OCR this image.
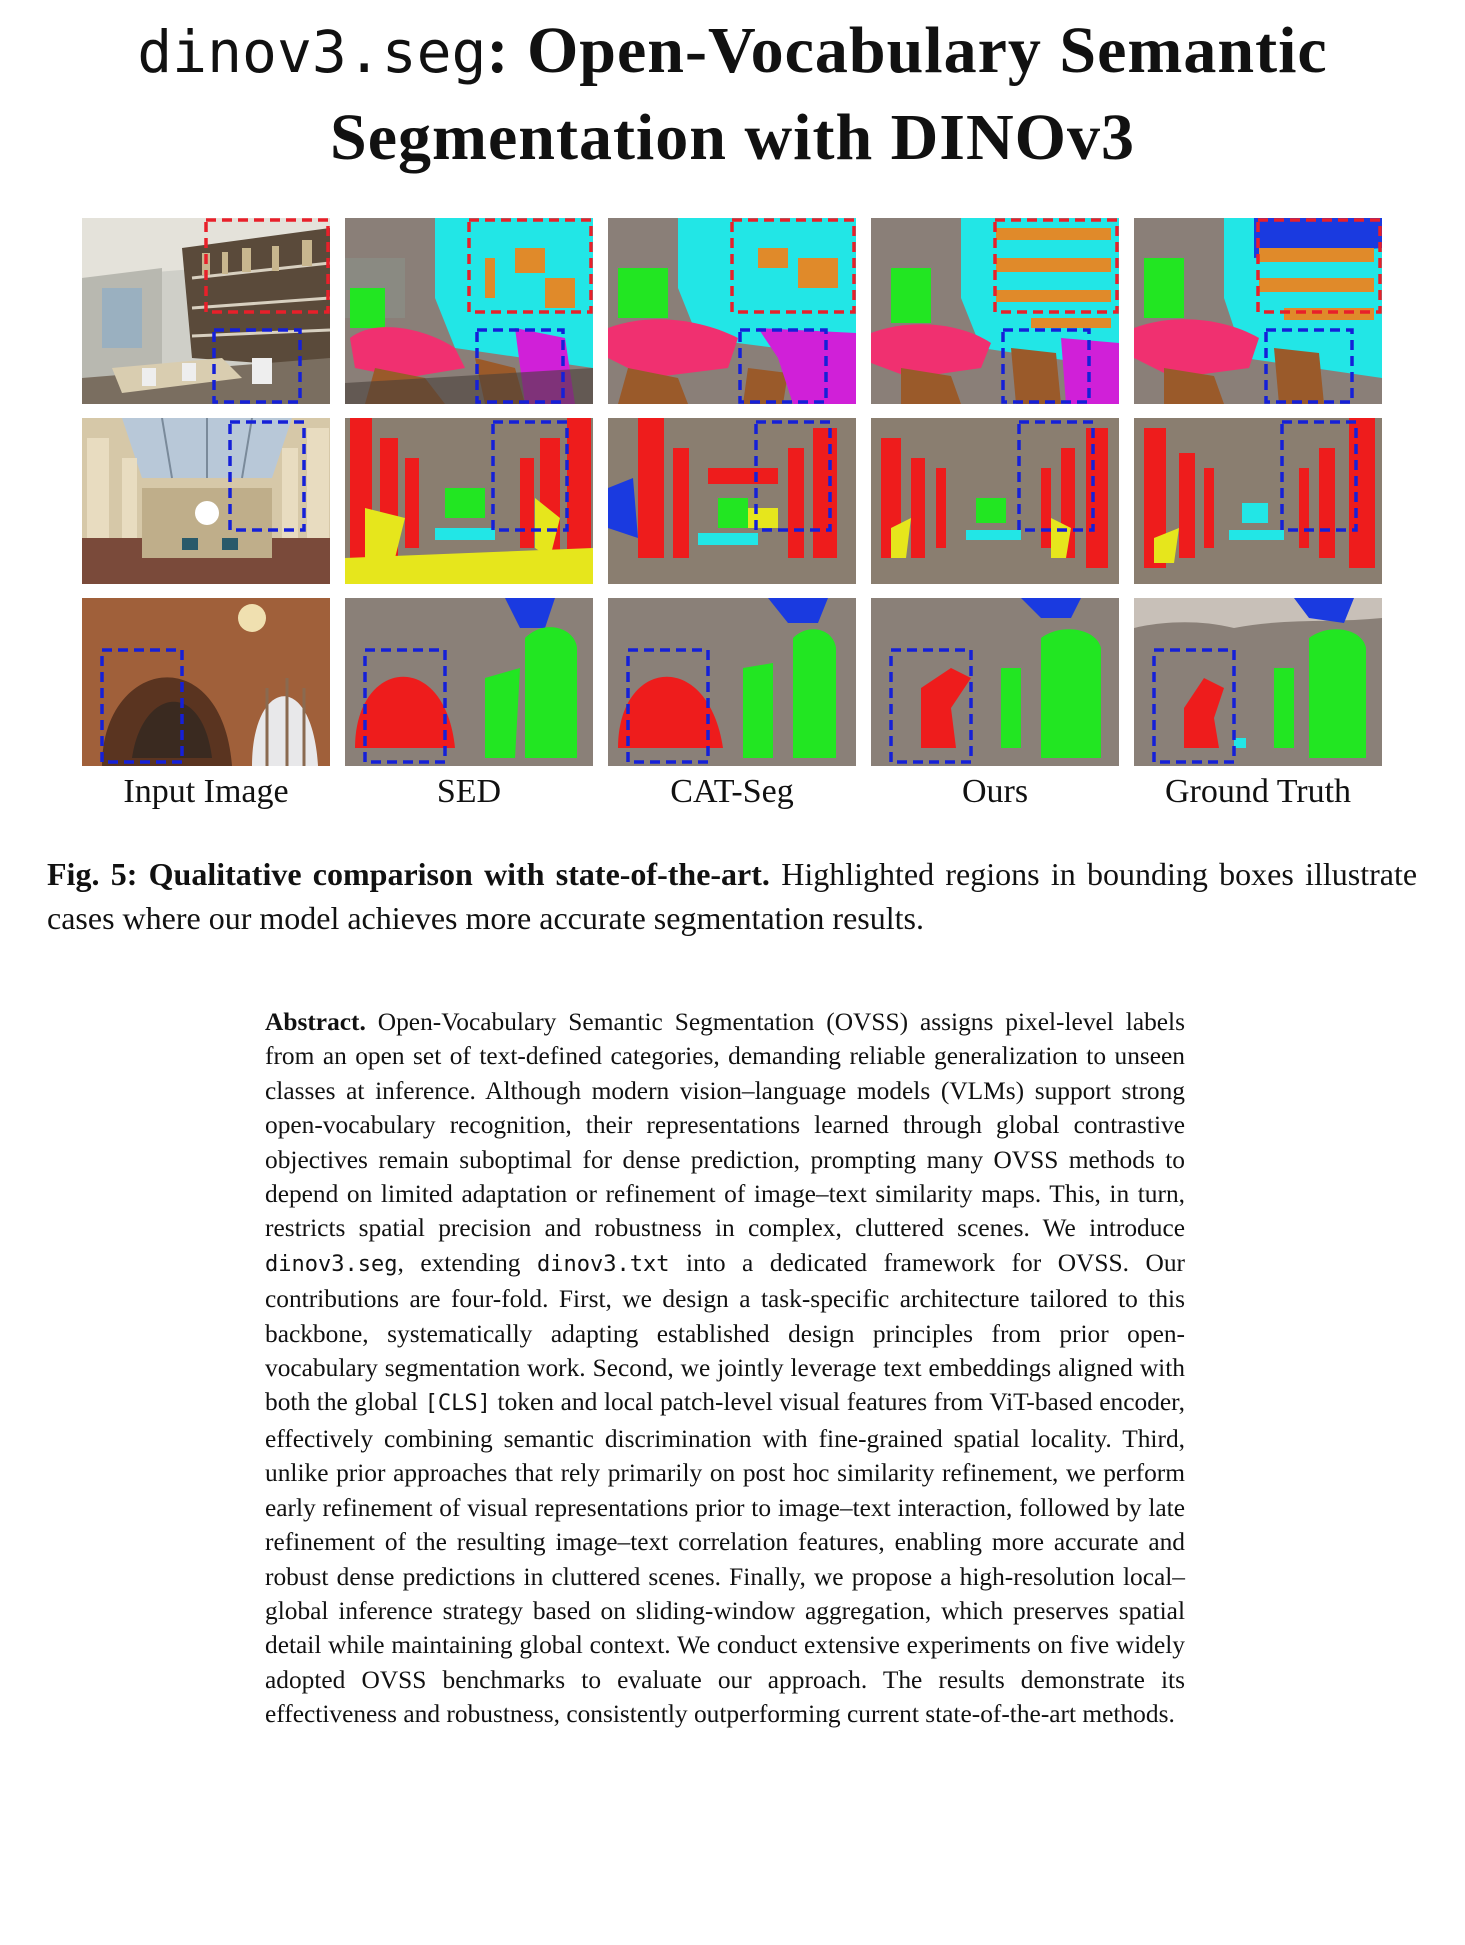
dinov3.seg: Open-Vocabulary Semantic
Segmentation with DINOv3
Input Image	SED	CAT-Seg	Ours	Ground Truth
Fig. 5: Qualitative comparison with state-of-the-art. Highlighted regions in bounding boxes illustrate cases where our model achieves more accurate segmentation results.
Abstract. Open-Vocabulary Semantic Segmentation (OVSS) assigns pixel-level labels from an open set of text-defined categories, demanding reliable generalization to unseen classes at inference. Although modern vision–language models (VLMs) support strong open-vocabulary recognition, their representations learned through global contrastive objectives remain suboptimal for dense prediction, prompting many OVSS methods to depend on limited adaptation or refinement of image–text similarity maps. This, in turn, restricts spatial precision and robustness in complex, cluttered scenes. We introduce dinov3.seg, extending dinov3.txt into a dedicated framework for OVSS. Our contributions are four-fold. First, we design a task-specific architecture tailored to this backbone, systematically adapting established design principles from prior open-vocabulary segmentation work. Second, we jointly leverage text embeddings aligned with both the global [CLS] token and local patch-level visual features from ViT-based encoder, effectively combining semantic discrimination with fine-grained spatial locality. Third, unlike prior approaches that rely primarily on post hoc similarity refinement, we perform early refinement of visual representations prior to image–text interaction, followed by late refinement of the resulting image–text correlation features, enabling more accurate and robust dense predictions in cluttered scenes. Finally, we propose a high-resolution local–global inference strategy based on sliding-window aggregation, which preserves spatial detail while maintaining global context. We conduct extensive experiments on five widely adopted OVSS benchmarks to evaluate our approach. The results demonstrate its effectiveness and robustness, consistently outperforming current state-of-the-art methods.
